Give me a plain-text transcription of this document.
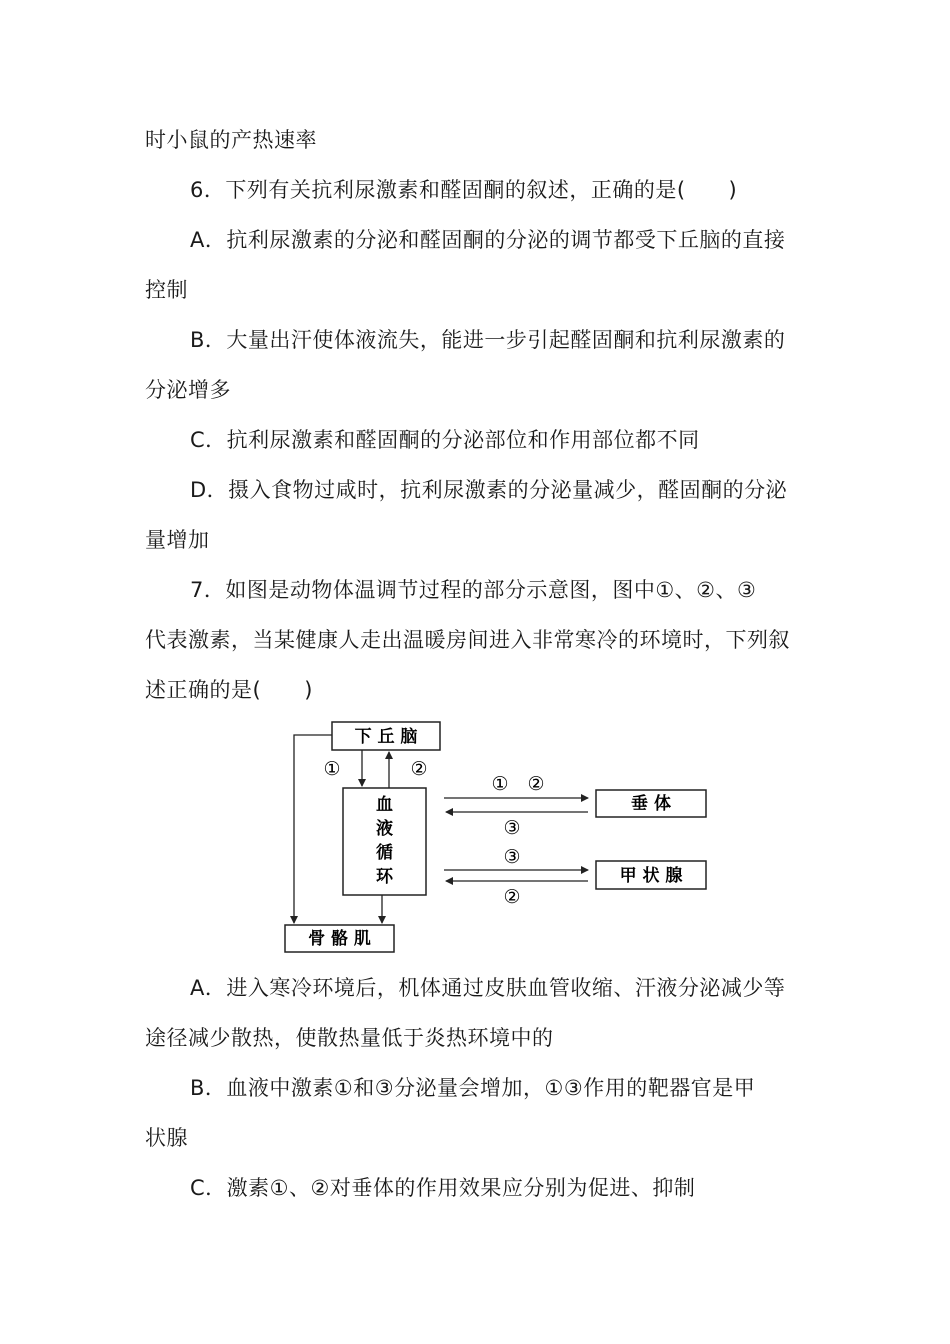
时小鼠的产热速率
6．下列有关抗利尿激素和醛固酮的叙述，正确的是(　　)
A．抗利尿激素的分泌和醛固酮的分泌的调节都受下丘脑的直接
控制
B．大量出汗使体液流失，能进一步引起醛固酮和抗利尿激素的
分泌增多
C．抗利尿激素和醛固酮的分泌部位和作用部位都不同
D．摄入食物过咸时，抗利尿激素的分泌量减少，醛固酮的分泌
量增加
7．如图是动物体温调节过程的部分示意图，图中①、②、③
代表激素，当某健康人走出温暖房间进入非常寒冷的环境时，下列叙
述正确的是(　　)
A．进入寒冷环境后，机体通过皮肤血管收缩、汗液分泌减少等
途径减少散热，使散热量低于炎热环境中的
B．血液中激素①和③分泌量会增加，①③作用的靶器官是甲
状腺
C．激素①、②对垂体的作用效果应分别为促进、抑制
下 丘 脑
血
液
循
环
垂 体
甲 状 腺
骨 骼 肌
①	②
①　②
③
③
②
